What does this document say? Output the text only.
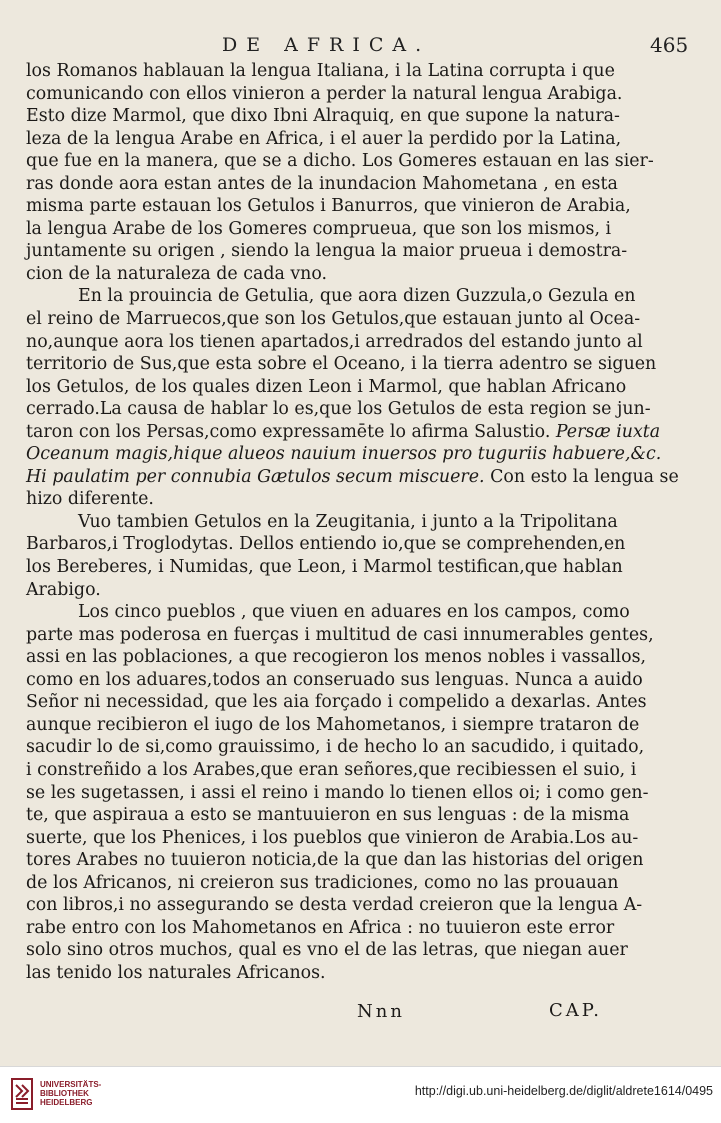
DE AFRICA.	465
los Romanos hablauan la lengua Italiana, i la Latina corrupta i que
comunicando con ellos vinieron a perder la natural lengua Arabiga.
Esto dize Marmol, que dixo Ibni Alraquiq, en que supone la natura-
leza de la lengua Arabe en Africa, i el auer la perdido por la Latina,
que fue en la manera, que se a dicho. Los Gomeres estauan en las sier-
ras donde aora estan antes de la inundacion Mahometana , en esta
misma parte estauan los Getulos i Banurros, que vinieron de Arabia,
la lengua Arabe de los Gomeres comprueua, que son los mismos, i
juntamente su origen , siendo la lengua la maior prueua i demostra-
cion de la naturaleza de cada vno.
En la prouincia de Getulia, que aora dizen Guzzula,o Gezula en
el reino de Marruecos,que son los Getulos,que estauan junto al Ocea-
no,aunque aora los tienen apartados,i arredrados del estando junto al
territorio de Sus,que esta sobre el Oceano, i la tierra adentro se siguen
los Getulos, de los quales dizen Leon i Marmol, que hablan Africano
cerrado.La causa de hablar lo es,que los Getulos de esta region se jun-
taron con los Persas,como expressamēte lo afirma Salustio. Persæ iuxta
Oceanum magis,hique alueos nauium inuersos pro tuguriis habuere,&c.
Hi paulatim per connubia Gætulos secum miscuere. Con esto la lengua se
hizo diferente.
Vuo tambien Getulos en la Zeugitania, i junto a la Tripolitana
Barbaros,i Troglodytas. Dellos entiendo io,que se comprehenden,en
los Bereberes, i Numidas, que Leon, i Marmol testifican,que hablan
Arabigo.
Los cinco pueblos , que viuen en aduares en los campos, como
parte mas poderosa en fuerças i multitud de casi innumerables gentes,
assi en las poblaciones, a que recogieron los menos nobles i vassallos,
como en los aduares,todos an conseruado sus lenguas. Nunca a auido
Señor ni necessidad, que les aia forçado i compelido a dexarlas. Antes
aunque recibieron el iugo de los Mahometanos, i siempre trataron de
sacudir lo de si,como grauissimo, i de hecho lo an sacudido, i quitado,
i constreñido a los Arabes,que eran señores,que recibiessen el suio, i
se les sugetassen, i assi el reino i mando lo tienen ellos oi; i como gen-
te, que aspiraua a esto se mantuuieron en sus lenguas : de la misma
suerte, que los Phenices, i los pueblos que vinieron de Arabia.Los au-
tores Arabes no tuuieron noticia,de la que dan las historias del origen
de los Africanos, ni creieron sus tradiciones, como no las prouauan
con libros,i no assegurando se desta verdad creieron que la lengua A-
rabe entro con los Mahometanos en Africa : no tuuieron este error
solo sino otros muchos, qual es vno el de las letras, que niegan auer
las tenido los naturales Africanos.
Nnn	CAP.
UNIVERSITÄTS-
BIBLIOTHEK
HEIDELBERG
http://digi.ub.uni-heidelberg.de/diglit/aldrete1614/0495
